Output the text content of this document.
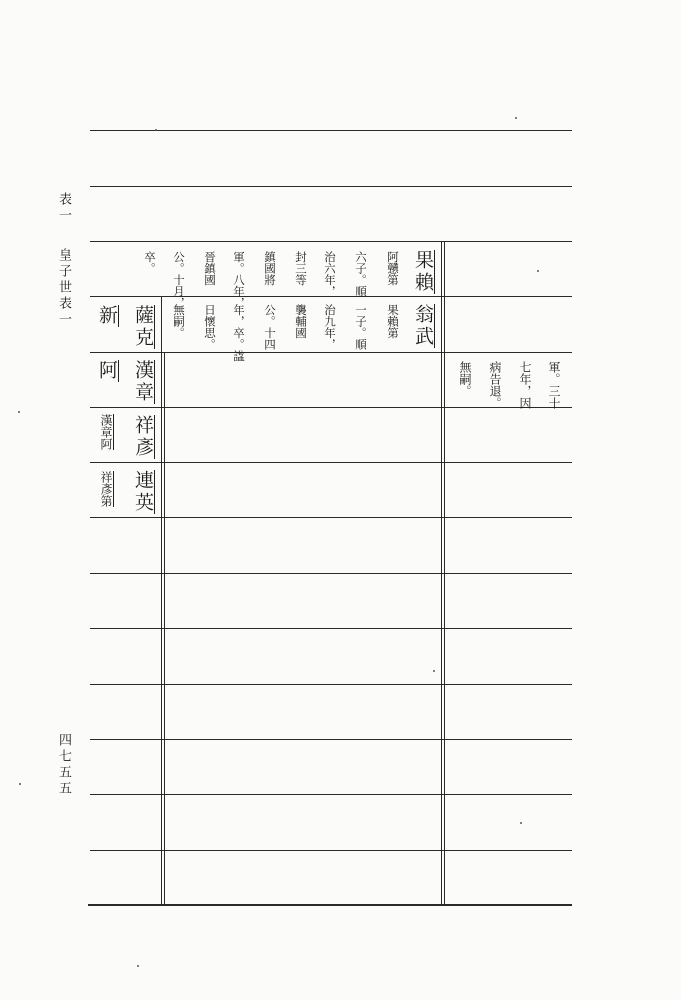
表一
皇子世表一
四七五五
果賴
阿戇第
六子。順
治六年，
封三等
鎮國將
軍。八年，
晉鎮國
公。十月，
卒。
翁武
果賴第
一子。順
治九年，
襲輔國
公。十四
年，卒。諡
日懷思。
無嗣。
薩克
新
漢章
阿
祥彥
漢章阿
連英
祥彥第
軍。三十
七年，因
病告退。
無嗣。
